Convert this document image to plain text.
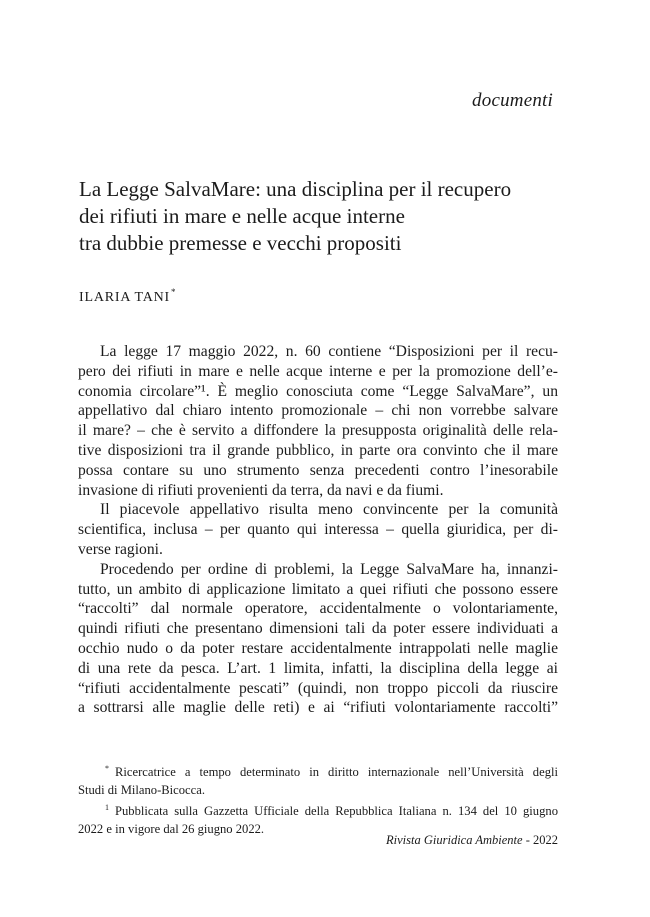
documenti
La Legge SalvaMare: una disciplina per il recupero
dei rifiuti in mare e nelle acque interne
tra dubbie premesse e vecchi propositi
ILARIA TANI*
La legge 17 maggio 2022, n. 60 contiene “Disposizioni per il recu-
pero dei rifiuti in mare e nelle acque interne e per la promozione dell’e-
conomia circolare”¹. È meglio conosciuta come “Legge SalvaMare”, un
appellativo dal chiaro intento promozionale – chi non vorrebbe salvare
il mare? – che è servito a diffondere la presupposta originalità delle rela-
tive disposizioni tra il grande pubblico, in parte ora convinto che il mare
possa contare su uno strumento senza precedenti contro l’inesorabile
invasione di rifiuti provenienti da terra, da navi e da fiumi.
Il piacevole appellativo risulta meno convincente per la comunità
scientifica, inclusa – per quanto qui interessa – quella giuridica, per di-
verse ragioni.
Procedendo per ordine di problemi, la Legge SalvaMare ha, innanzi-
tutto, un ambito di applicazione limitato a quei rifiuti che possono essere
“raccolti” dal normale operatore, accidentalmente o volontariamente,
quindi rifiuti che presentano dimensioni tali da poter essere individuati a
occhio nudo o da poter restare accidentalmente intrappolati nelle maglie
di una rete da pesca. L’art. 1 limita, infatti, la disciplina della legge ai
“rifiuti accidentalmente pescati” (quindi, non troppo piccoli da riuscire
a sottrarsi alle maglie delle reti) e ai “rifiuti volontariamente raccolti”
* Ricercatrice a tempo determinato in diritto internazionale nell’Università degli
Studi di Milano-Bicocca.
$^1$ Pubblicata sulla Gazzetta Ufficiale della Repubblica Italiana n. 134 del 10 giugno
2022 e in vigore dal 26 giugno 2022.
Rivista Giuridica Ambiente - 2022
